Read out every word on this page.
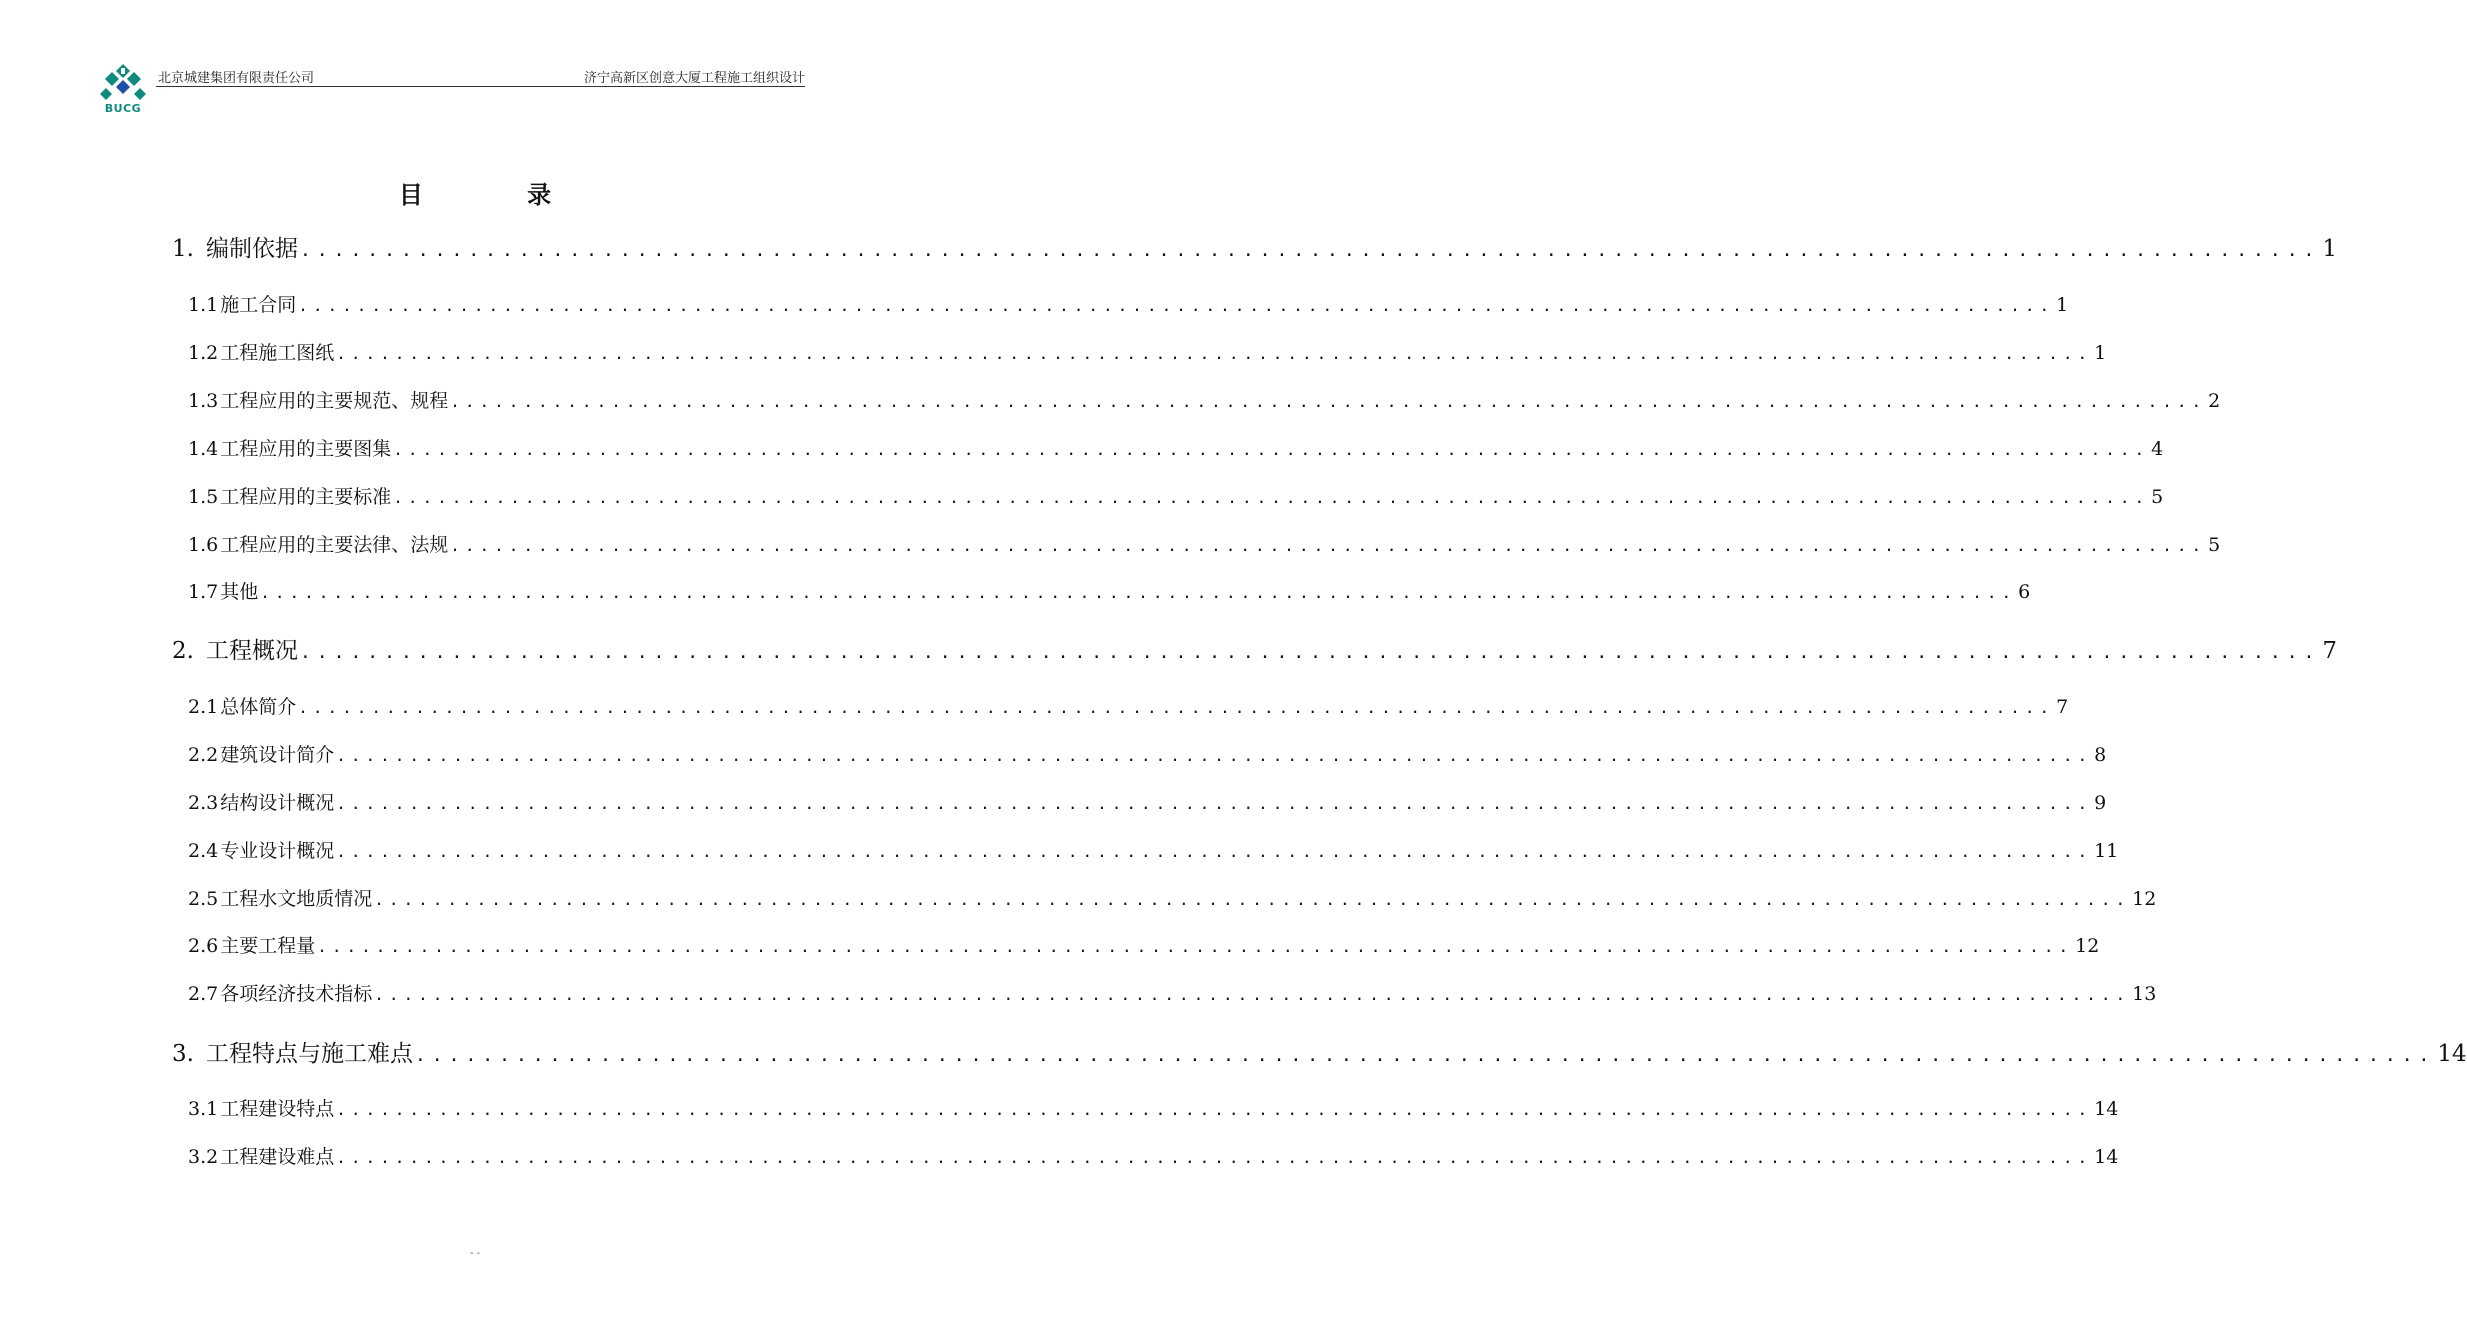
BUCG
北京城建集团有限责任公司	济宁高新区创意大厦工程施工组织设计
目 录
1. 编制依据 ........................................................................................................................ 1
1.1 施工合同 ........................................................................................................................ 1
1.2 工程施工图纸 ........................................................................................................................ 1
1.3 工程应用的主要规范、规程 ........................................................................................................................ 2
1.4 工程应用的主要图集 ........................................................................................................................ 4
1.5 工程应用的主要标准 ........................................................................................................................ 5
1.6 工程应用的主要法律、法规 ........................................................................................................................ 5
1.7 其他 ........................................................................................................................ 6
2. 工程概况 ........................................................................................................................ 7
2.1 总体简介 ........................................................................................................................ 7
2.2 建筑设计简介 ........................................................................................................................ 8
2.3 结构设计概况 ........................................................................................................................ 9
2.4 专业设计概况 ........................................................................................................................ 11
2.5 工程水文地质情况 ........................................................................................................................ 12
2.6 主要工程量 ........................................................................................................................ 12
2.7 各项经济技术指标 ........................................................................................................................ 13
3. 工程特点与施工难点 ........................................................................................................................ 14
3.1 工程建设特点 ........................................................................................................................ 14
3.2 工程建设难点 ........................................................................................................................ 14
- -
